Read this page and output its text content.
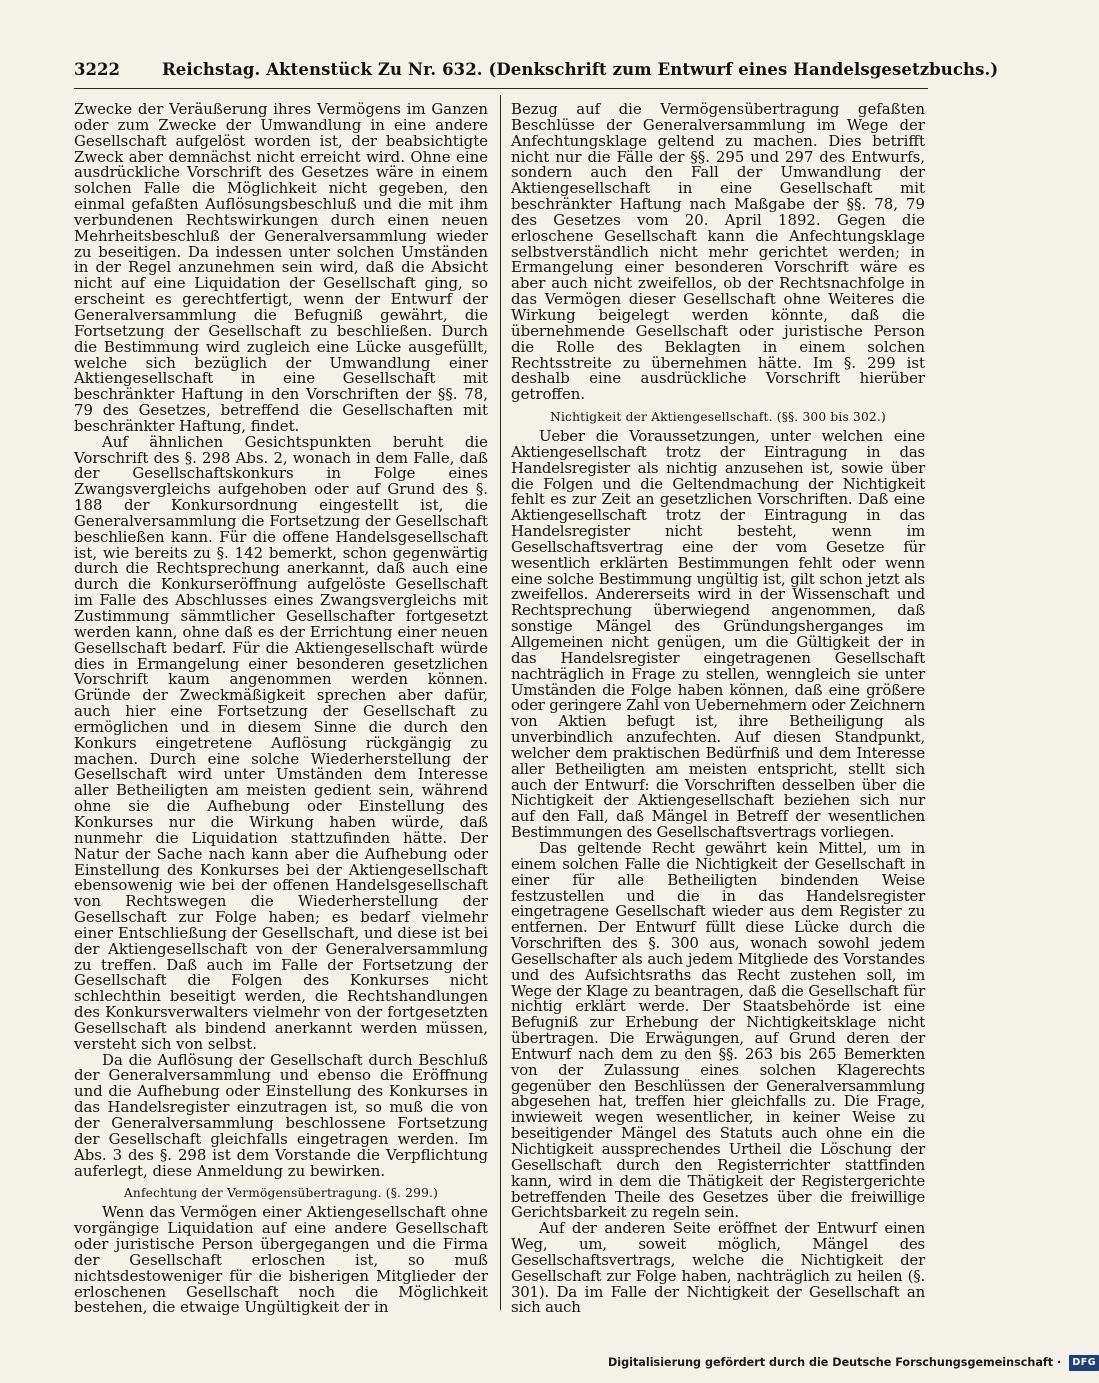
3222	Reichstag. Aktenstück Zu Nr. 632. (Denkschrift zum Entwurf eines Handelsgesetzbuchs.)

Zwecke der Veräußerung ihres Vermögens im Ganzen oder zum Zwecke der Umwandlung in eine andere Gesellschaft aufgelöst worden ist, der beabsichtigte Zweck aber demnächst nicht erreicht wird. Ohne eine ausdrückliche Vorschrift des Gesetzes wäre in einem solchen Falle die Möglichkeit nicht gegeben, den einmal gefaßten Auflösungsbeschluß und die mit ihm verbundenen Rechtswirkungen durch einen neuen Mehrheitsbeschluß der Generalversammlung wieder zu beseitigen. Da indessen unter solchen Umständen in der Regel anzunehmen sein wird, daß die Absicht nicht auf eine Liquidation der Gesellschaft ging, so erscheint es gerechtfertigt, wenn der Entwurf der Generalversammlung die Befugniß gewährt, die Fortsetzung der Gesellschaft zu beschließen. Durch die Bestimmung wird zugleich eine Lücke ausgefüllt, welche sich bezüglich der Umwandlung einer Aktiengesellschaft in eine Gesellschaft mit beschränkter Haftung in den Vorschriften der §§. 78, 79 des Gesetzes, betreffend die Gesellschaften mit beschränkter Haftung, findet.

Auf ähnlichen Gesichtspunkten beruht die Vorschrift des §. 298 Abs. 2, wonach in dem Falle, daß der Gesellschaftskonkurs in Folge eines Zwangsvergleichs aufgehoben oder auf Grund des §. 188 der Konkursordnung eingestellt ist, die Generalversammlung die Fortsetzung der Gesellschaft beschließen kann. Für die offene Handelsgesellschaft ist, wie bereits zu §. 142 bemerkt, schon gegenwärtig durch die Rechtsprechung anerkannt, daß auch eine durch die Konkurseröffnung aufgelöste Gesellschaft im Falle des Abschlusses eines Zwangsvergleichs mit Zustimmung sämmtlicher Gesellschafter fortgesetzt werden kann, ohne daß es der Errichtung einer neuen Gesellschaft bedarf. Für die Aktiengesellschaft würde dies in Ermangelung einer besonderen gesetzlichen Vorschrift kaum angenommen werden können. Gründe der Zweckmäßigkeit sprechen aber dafür, auch hier eine Fortsetzung der Gesellschaft zu ermöglichen und in diesem Sinne die durch den Konkurs eingetretene Auflösung rückgängig zu machen. Durch eine solche Wiederherstellung der Gesellschaft wird unter Umständen dem Interesse aller Betheiligten am meisten gedient sein, während ohne sie die Aufhebung oder Einstellung des Konkurses nur die Wirkung haben würde, daß nunmehr die Liquidation stattzufinden hätte. Der Natur der Sache nach kann aber die Aufhebung oder Einstellung des Konkurses bei der Aktiengesellschaft ebensowenig wie bei der offenen Handelsgesellschaft von Rechtswegen die Wiederherstellung der Gesellschaft zur Folge haben; es bedarf vielmehr einer Entschließung der Gesellschaft, und diese ist bei der Aktiengesellschaft von der Generalversammlung zu treffen. Daß auch im Falle der Fortsetzung der Gesellschaft die Folgen des Konkurses nicht schlechthin beseitigt werden, die Rechtshandlungen des Konkursverwalters vielmehr von der fortgesetzten Gesellschaft als bindend anerkannt werden müssen, versteht sich von selbst.

Da die Auflösung der Gesellschaft durch Beschluß der Generalversammlung und ebenso die Eröffnung und die Aufhebung oder Einstellung des Konkurses in das Handelsregister einzutragen ist, so muß die von der Generalversammlung beschlossene Fortsetzung der Gesellschaft gleichfalls eingetragen werden. Im Abs. 3 des §. 298 ist dem Vorstande die Verpflichtung auferlegt, diese Anmeldung zu bewirken.

Anfechtung der Vermögensübertragung. (§. 299.)

Wenn das Vermögen einer Aktiengesellschaft ohne vorgängige Liquidation auf eine andere Gesellschaft oder juristische Person übergegangen und die Firma der Gesellschaft erloschen ist, so muß nichtsdestoweniger für die bisherigen Mitglieder der erloschenen Gesellschaft noch die Möglichkeit bestehen, die etwaige Ungültigkeit der in

Bezug auf die Vermögensübertragung gefaßten Beschlüsse der Generalversammlung im Wege der Anfechtungsklage geltend zu machen. Dies betrifft nicht nur die Fälle der §§. 295 und 297 des Entwurfs, sondern auch den Fall der Umwandlung der Aktiengesellschaft in eine Gesellschaft mit beschränkter Haftung nach Maßgabe der §§. 78, 79 des Gesetzes vom 20. April 1892. Gegen die erloschene Gesellschaft kann die Anfechtungsklage selbstverständlich nicht mehr gerichtet werden; in Ermangelung einer besonderen Vorschrift wäre es aber auch nicht zweifellos, ob der Rechtsnachfolge in das Vermögen dieser Gesellschaft ohne Weiteres die Wirkung beigelegt werden könnte, daß die übernehmende Gesellschaft oder juristische Person die Rolle des Beklagten in einem solchen Rechtsstreite zu übernehmen hätte. Im §. 299 ist deshalb eine ausdrückliche Vorschrift hierüber getroffen.

Nichtigkeit der Aktiengesellschaft. (§§. 300 bis 302.)

Ueber die Voraussetzungen, unter welchen eine Aktiengesellschaft trotz der Eintragung in das Handelsregister als nichtig anzusehen ist, sowie über die Folgen und die Geltendmachung der Nichtigkeit fehlt es zur Zeit an gesetzlichen Vorschriften. Daß eine Aktiengesellschaft trotz der Eintragung in das Handelsregister nicht besteht, wenn im Gesellschaftsvertrag eine der vom Gesetze für wesentlich erklärten Bestimmungen fehlt oder wenn eine solche Bestimmung ungültig ist, gilt schon jetzt als zweifellos. Andererseits wird in der Wissenschaft und Rechtsprechung überwiegend angenommen, daß sonstige Mängel des Gründungsherganges im Allgemeinen nicht genügen, um die Gültigkeit der in das Handelsregister eingetragenen Gesellschaft nachträglich in Frage zu stellen, wenngleich sie unter Umständen die Folge haben können, daß eine größere oder geringere Zahl von Uebernehmern oder Zeichnern von Aktien befugt ist, ihre Betheiligung als unverbindlich anzufechten. Auf diesen Standpunkt, welcher dem praktischen Bedürfniß und dem Interesse aller Betheiligten am meisten entspricht, stellt sich auch der Entwurf: die Vorschriften desselben über die Nichtigkeit der Aktiengesellschaft beziehen sich nur auf den Fall, daß Mängel in Betreff der wesentlichen Bestimmungen des Gesellschaftsvertrags vorliegen.

Das geltende Recht gewährt kein Mittel, um in einem solchen Falle die Nichtigkeit der Gesellschaft in einer für alle Betheiligten bindenden Weise festzustellen und die in das Handelsregister eingetragene Gesellschaft wieder aus dem Register zu entfernen. Der Entwurf füllt diese Lücke durch die Vorschriften des §. 300 aus, wonach sowohl jedem Gesellschafter als auch jedem Mitgliede des Vorstandes und des Aufsichtsraths das Recht zustehen soll, im Wege der Klage zu beantragen, daß die Gesellschaft für nichtig erklärt werde. Der Staatsbehörde ist eine Befugniß zur Erhebung der Nichtigkeitsklage nicht übertragen. Die Erwägungen, auf Grund deren der Entwurf nach dem zu den §§. 263 bis 265 Bemerkten von der Zulassung eines solchen Klagerechts gegenüber den Beschlüssen der Generalversammlung abgesehen hat, treffen hier gleichfalls zu. Die Frage, inwieweit wegen wesentlicher, in keiner Weise zu beseitigender Mängel des Statuts auch ohne ein die Nichtigkeit aussprechendes Urtheil die Löschung der Gesellschaft durch den Registerrichter stattfinden kann, wird in dem die Thätigkeit der Registergerichte betreffenden Theile des Gesetzes über die freiwillige Gerichtsbarkeit zu regeln sein.

Auf der anderen Seite eröffnet der Entwurf einen Weg, um, soweit möglich, Mängel des Gesellschaftsvertrags, welche die Nichtigkeit der Gesellschaft zur Folge haben, nachträglich zu heilen (§. 301). Da im Falle der Nichtigkeit der Gesellschaft an sich auch

Digitalisierung gefördert durch die Deutsche Forschungsgemeinschaft · DFG
